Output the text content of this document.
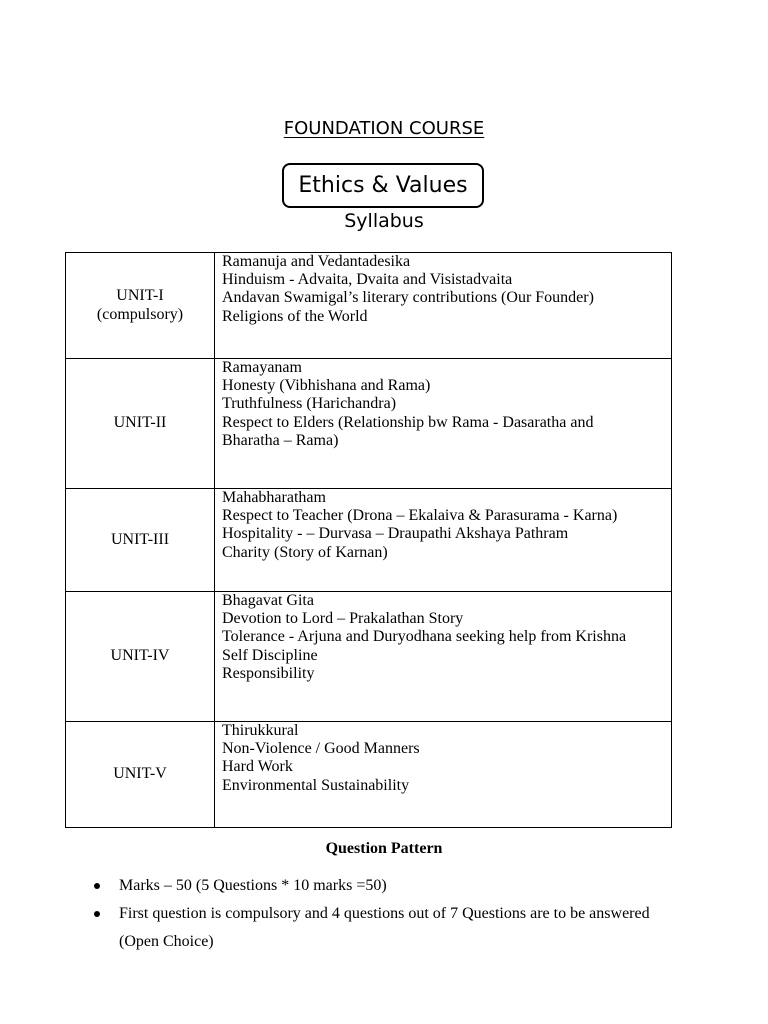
FOUNDATION COURSE
Ethics & Values
Syllabus
UNIT-I
(compulsory)	Ramanuja and Vedantadesika
Hinduism - Advaita, Dvaita and Visistadvaita
Andavan Swamigal’s literary contributions (Our Founder)
Religions of the World

UNIT-II	Ramayanam
Honesty (Vibhishana and Rama)
Truthfulness (Harichandra)
Respect to Elders (Relationship bw Rama - Dasaratha and
Bharatha – Rama)

UNIT-III	Mahabharatham
Respect to Teacher (Drona – Ekalaiva & Parasurama - Karna)
Hospitality - – Durvasa – Draupathi Akshaya Pathram
Charity (Story of Karnan)

UNIT-IV	Bhagavat Gita
Devotion to Lord – Prakalathan Story
Tolerance - Arjuna and Duryodhana seeking help from Krishna
Self Discipline
Responsibility

UNIT-V	Thirukkural
Non-Violence / Good Manners
Hard Work
Environmental Sustainability
Question Pattern
Marks – 50 (5 Questions * 10 marks =50)
First question is compulsory and 4 questions out of 7 Questions are to be answered (Open Choice)
